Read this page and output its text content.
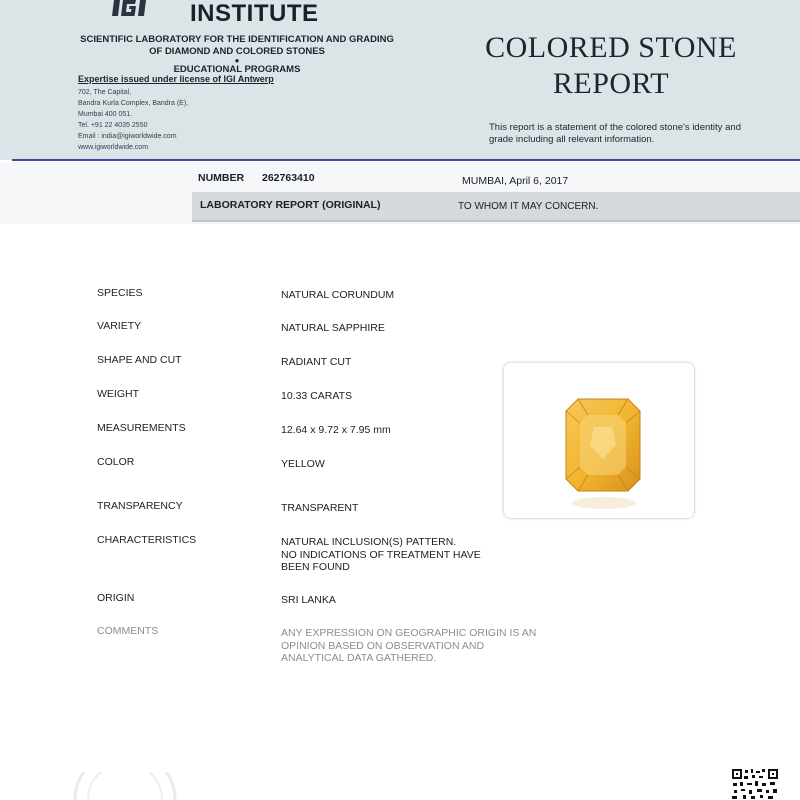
INSTITUTE
SCIENTIFIC LABORATORY FOR THE IDENTIFICATION AND GRADING
OF DIAMOND AND COLORED STONES
●
EDUCATIONAL PROGRAMS
Expertise issued under license of IGI Antwerp
702, The Capital,
Bandra Kurla Complex, Bandra (E),
Mumbai 400 051.
Tel. +91 22 4035 2550
Email : india@igiworldwide.com
www.igiworldwide.com
COLORED STONE
REPORT
This report is a statement of the colored stone's identity and grade including all relevant information.
NUMBER 262763410	MUMBAI, April 6, 2017
LABORATORY REPORT (ORIGINAL)	TO WHOM IT MAY CONCERN.
SPECIES	NATURAL CORUNDUM
VARIETY	NATURAL SAPPHIRE
SHAPE AND CUT	RADIANT CUT
WEIGHT	10.33 CARATS
MEASUREMENTS	12.64 x 9.72 x 7.95 mm
COLOR	YELLOW
TRANSPARENCY	TRANSPARENT
CHARACTERISTICS	NATURAL INCLUSION(S) PATTERN.
NO INDICATIONS OF TREATMENT HAVE
BEEN FOUND
ORIGIN	SRI LANKA
COMMENTS	ANY EXPRESSION ON GEOGRAPHIC ORIGIN IS AN
OPINION BASED ON OBSERVATION AND
ANALYTICAL DATA GATHERED.
